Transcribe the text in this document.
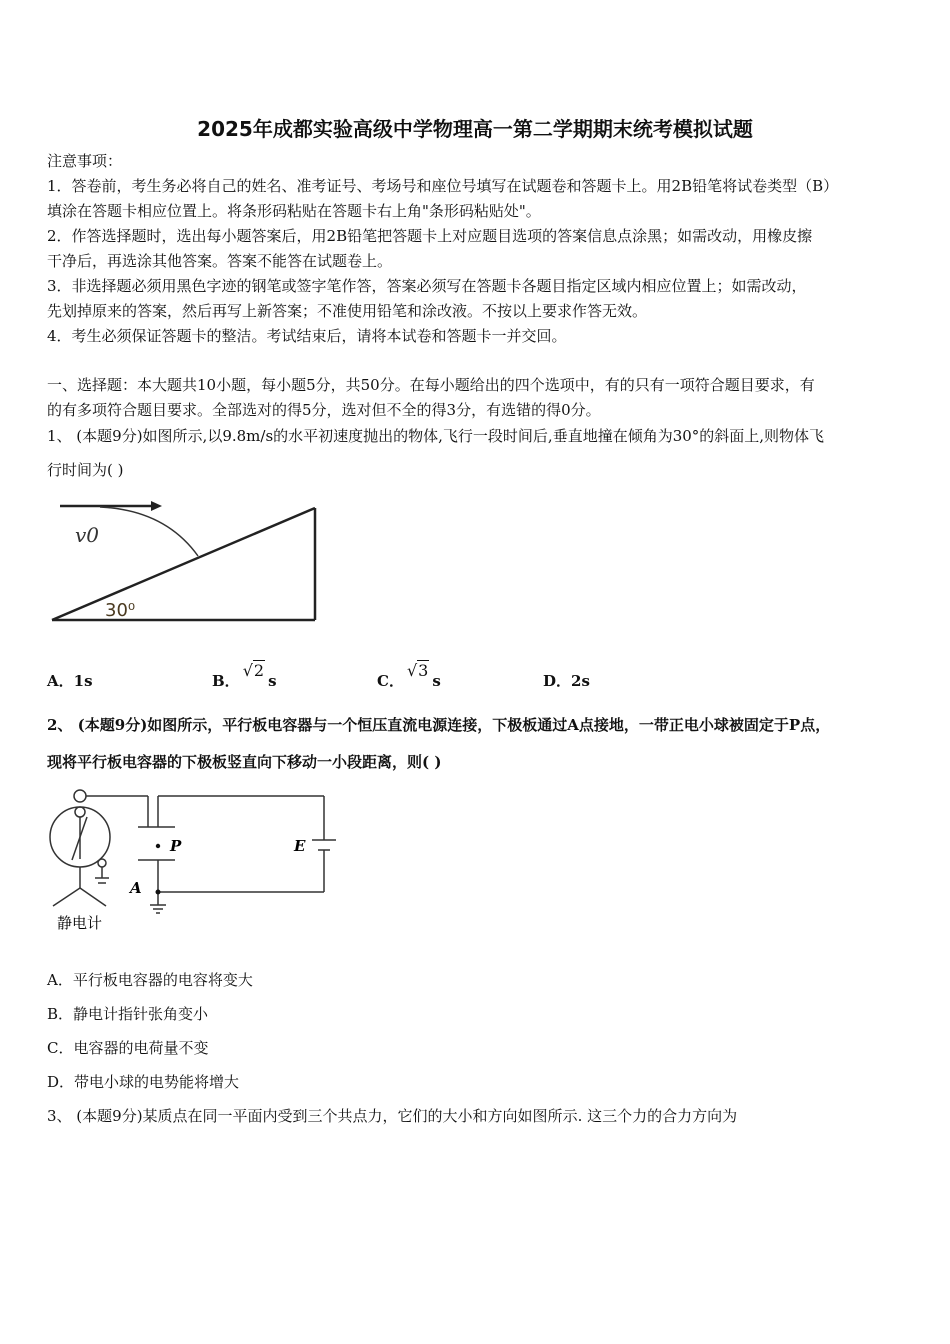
2025年成都实验高级中学物理高一第二学期期末统考模拟试题
注意事项：
1．答卷前，考生务必将自己的姓名、准考证号、考场号和座位号填写在试题卷和答题卡上。用2B铅笔将试卷类型（B）
填涂在答题卡相应位置上。将条形码粘贴在答题卡右上角"条形码粘贴处"。
2．作答选择题时，选出每小题答案后，用2B铅笔把答题卡上对应题目选项的答案信息点涂黑；如需改动，用橡皮擦
干净后，再选涂其他答案。答案不能答在试题卷上。
3．非选择题必须用黑色字迹的钢笔或签字笔作答，答案必须写在答题卡各题目指定区域内相应位置上；如需改动，
先划掉原来的答案，然后再写上新答案；不准使用铅笔和涂改液。不按以上要求作答无效。
4．考生必须保证答题卡的整洁。考试结束后，请将本试卷和答题卡一并交回。
一、选择题：本大题共10小题，每小题5分，共50分。在每小题给出的四个选项中，有的只有一项符合题目要求，有
的有多项符合题目要求。全部选对的得5分，选对但不全的得3分，有选错的得0分。
1、 (本题9分)如图所示,以9.8m/s的水平初速度抛出的物体,飞行一段时间后,垂直地撞在倾角为30°的斜面上,则物体飞
行时间为( )
v0
30⁰
A．1s	B．√2s	C．√3s	D．2s
2、 (本题9分)如图所示，平行板电容器与一个恒压直流电源连接，下极板通过A点接地，一带正电小球被固定于P点，
现将平行板电容器的下极板竖直向下移动一小段距离，则( )
P	E
A
静电计
A．平行板电容器的电容将变大
B．静电计指针张角变小
C．电容器的电荷量不变
D．带电小球的电势能将增大
3、 (本题9分)某质点在同一平面内受到三个共点力，它们的大小和方向如图所示. 这三个力的合力方向为
